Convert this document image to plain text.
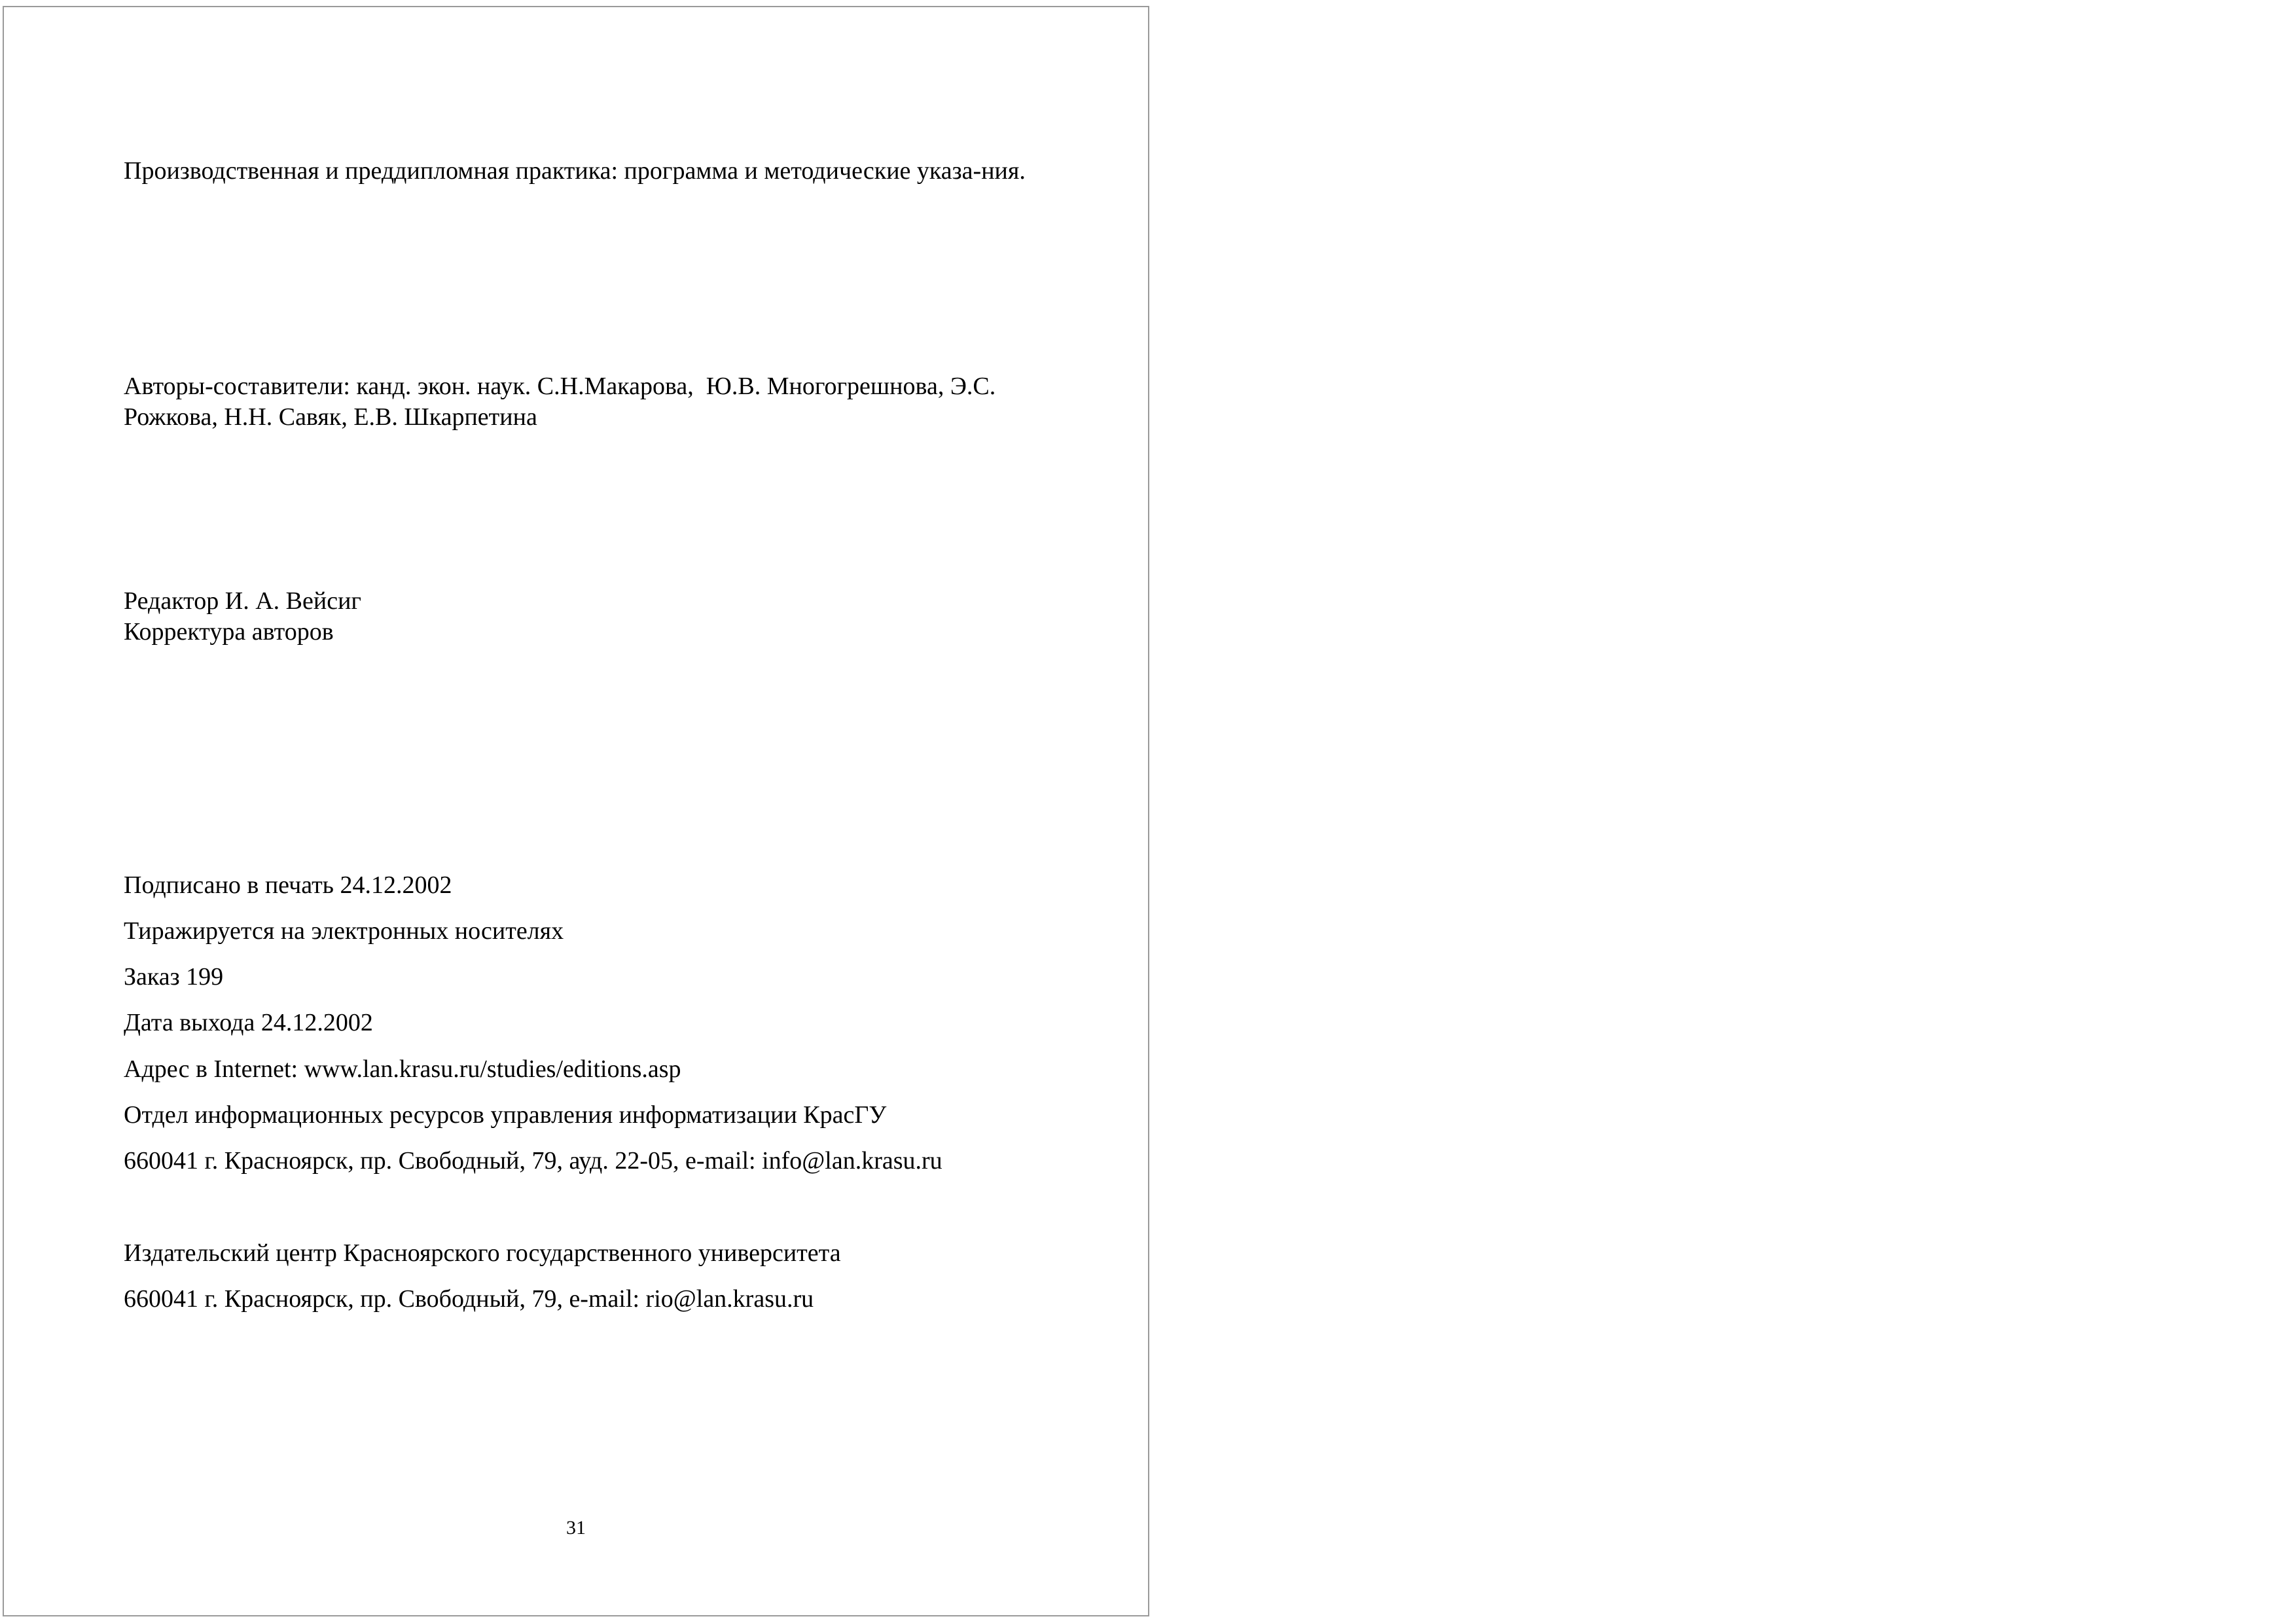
Производственная и преддипломная практика: программа и методические указа-ния.
Авторы-составители: канд. экон. наук. С.Н.Макарова,  Ю.В. Многогрешнова, Э.С.
Рожкова, Н.Н. Савяк, Е.В. Шкарпетина
Редактор И. А. Вейсиг
Корректура авторов
Подписано в печать 24.12.2002
Тиражируется на электронных носителях
Заказ 199
Дата выхода 24.12.2002
Адрес в Internet: www.lan.krasu.ru/studies/editions.asp
Отдел информационных ресурсов управления информатизации КрасГУ
660041 г. Красноярск, пр. Свободный, 79, ауд. 22-05, e-mail: info@lan.krasu.ru
Издательский центр Красноярского государственного университета
660041 г. Красноярск, пр. Свободный, 79, e-mail: rio@lan.krasu.ru
31
